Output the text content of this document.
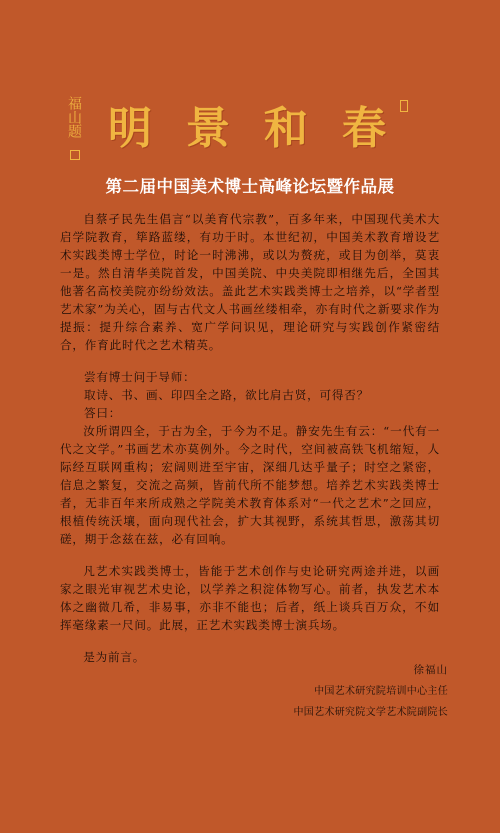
福山题 明 景 和 春
第二届中国美术博士高峰论坛暨作品展

自蔡孑民先生倡言“以美育代宗教”，百多年来，中国现代美术大启学院教育，筚路蓝缕，有功于时。本世纪初，中国美术教育增设艺术实践类博士学位，时论一时沸沸，或以为赘疣，或目为创举，莫衷一是。然自清华美院首发，中国美院、中央美院即相继先后，全国其他著名高校美院亦纷纷效法。盖此艺术实践类博士之培养，以“学者型艺术家”为关心，固与古代文人书画丝缕相牵，亦有时代之新要求作为提振：提升综合素养、宽广学问识见，理论研究与实践创作紧密结合，作育此时代之艺术精英。

尝有博士问于导师：

取诗、书、画、印四全之路，欲比肩古贤，可得否？

答曰：

汝所谓四全，于古为全，于今为不足。静安先生有云：“一代有一代之文学。”书画艺术亦莫例外。今之时代，空间被高铁飞机缩短，人际经互联网重构；宏阔则进至宇宙，深细几达乎量子；时空之紧密，信息之繁复，交流之高频，皆前代所不能梦想。培养艺术实践类博士者，无非百年来所成熟之学院美术教育体系对“一代之艺术”之回应，根植传统沃壤，面向现代社会，扩大其视野，系统其哲思，激荡其切磋，期于念兹在兹，必有回响。

凡艺术实践类博士，皆能于艺术创作与史论研究两途并进，以画家之眼光审视艺术史论，以学养之积淀体物写心。前者，执发艺术本体之幽微几希，非易事，亦非不能也；后者，纸上谈兵百万众，不如挥毫缘素一尺间。此展，正艺术实践类博士演兵场。

是为前言。

徐福山
中国艺术研究院培训中心主任
中国艺术研究院文学艺术院副院长
